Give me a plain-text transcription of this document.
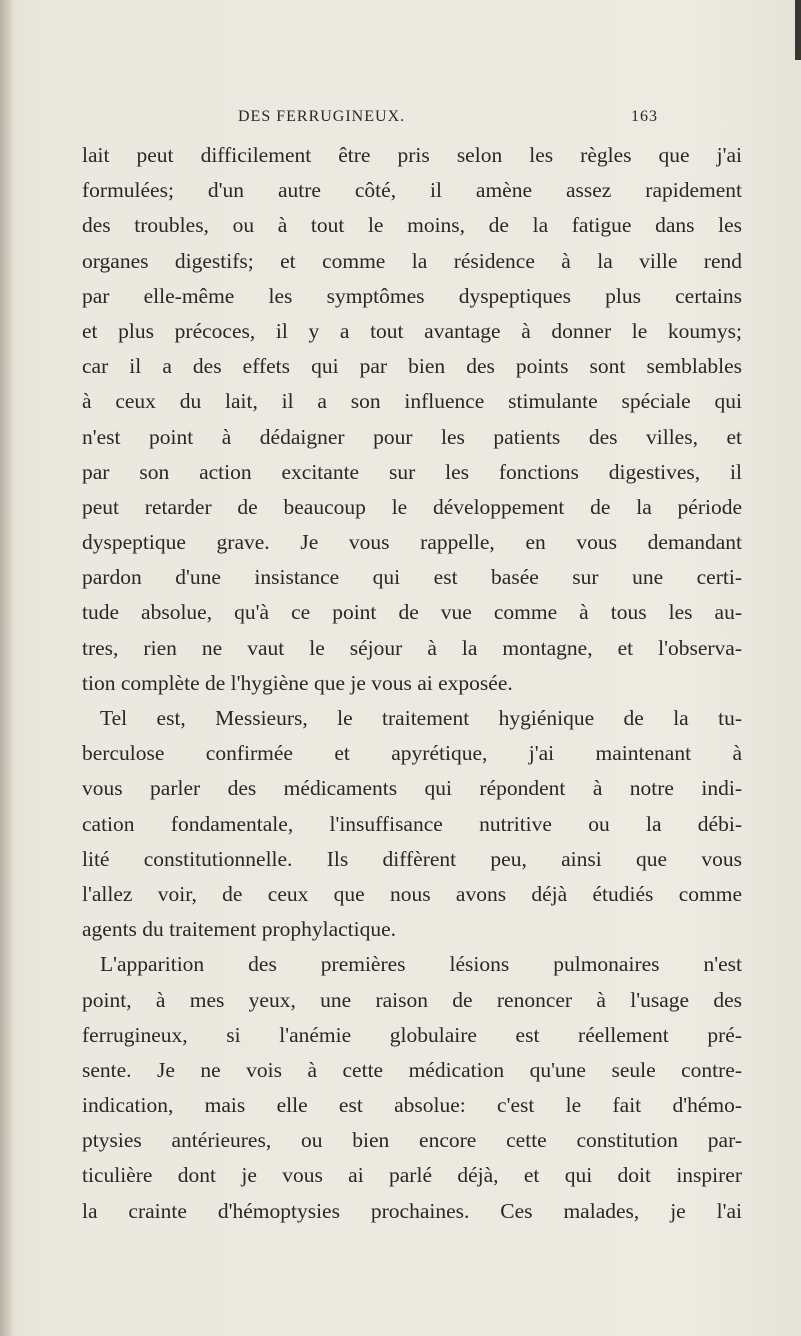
DES FERRUGINEUX.	163
lait peut difficilement être pris selon les règles que j'ai
formulées; d'un autre côté, il amène assez rapidement
des troubles, ou à tout le moins, de la fatigue dans les
organes digestifs; et comme la résidence à la ville rend
par elle-même les symptômes dyspeptiques plus certains
et plus précoces, il y a tout avantage à donner le koumys;
car il a des effets qui par bien des points sont semblables
à ceux du lait, il a son influence stimulante spéciale qui
n'est point à dédaigner pour les patients des villes, et
par son action excitante sur les fonctions digestives, il
peut retarder de beaucoup le développement de la période
dyspeptique grave. Je vous rappelle, en vous demandant
pardon d'une insistance qui est basée sur une certi-
tude absolue, qu'à ce point de vue comme à tous les au-
tres, rien ne vaut le séjour à la montagne, et l'observa-
tion complète de l'hygiène que je vous ai exposée.
Tel est, Messieurs, le traitement hygiénique de la tu-
berculose confirmée et apyrétique, j'ai maintenant à
vous parler des médicaments qui répondent à notre indi-
cation fondamentale, l'insuffisance nutritive ou la débi-
lité constitutionnelle. Ils diffèrent peu, ainsi que vous
l'allez voir, de ceux que nous avons déjà étudiés comme
agents du traitement prophylactique.
L'apparition des premières lésions pulmonaires n'est
point, à mes yeux, une raison de renoncer à l'usage des
ferrugineux, si l'anémie globulaire est réellement pré-
sente. Je ne vois à cette médication qu'une seule contre-
indication, mais elle est absolue: c'est le fait d'hémo-
ptysies antérieures, ou bien encore cette constitution par-
ticulière dont je vous ai parlé déjà, et qui doit inspirer
la crainte d'hémoptysies prochaines. Ces malades, je l'ai
